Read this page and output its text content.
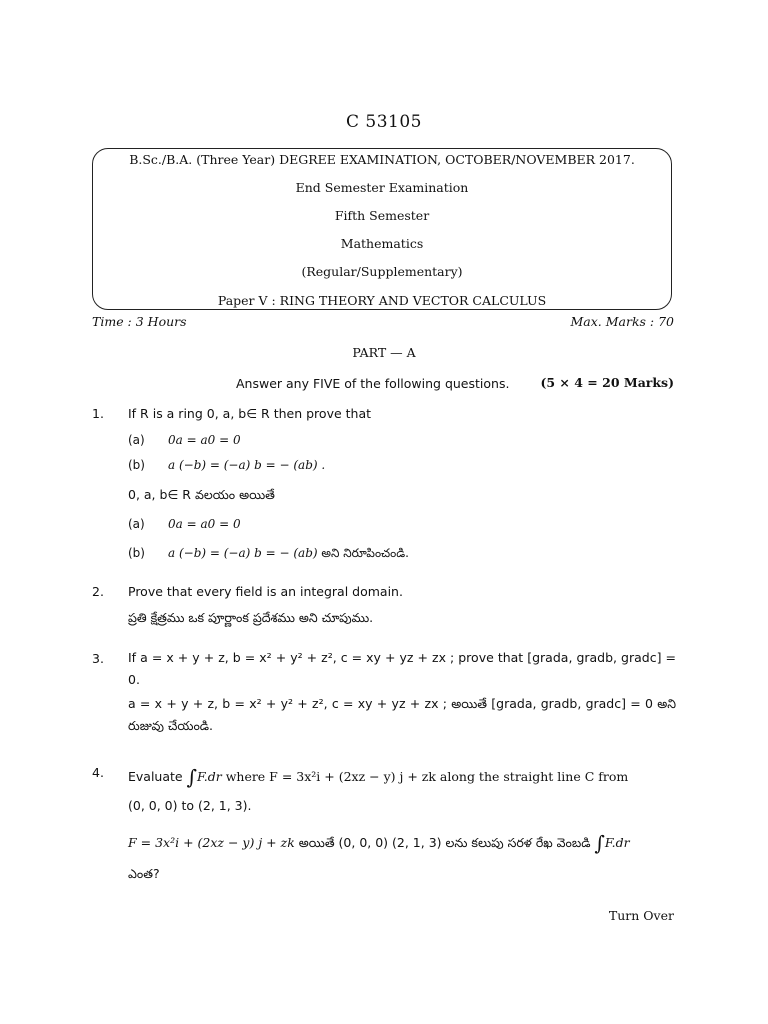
C 53105
B.Sc./B.A. (Three Year) DEGREE EXAMINATION, OCTOBER/NOVEMBER 2017.
End Semester Examination
Fifth Semester
Mathematics
(Regular/Supplementary)
Paper V : RING THEORY AND VECTOR CALCULUS
Time : 3 Hours	Max. Marks : 70
PART — A
Answer any FIVE of the following questions. (5 × 4 = 20 Marks)
1. If R is a ring 0, a, b∈ R then prove that
(a) 0a = a0 = 0
(b) a (−b) = (−a) b = − (ab) .
0, a, b∈ R వలయం అయితే
(a) 0a = a0 = 0
(b) a (−b) = (−a) b = − (ab) అని నిరూపించండి.
2. Prove that every field is an integral domain.
ప్రతి క్షేత్రము ఒక పూర్ణాంక ప్రదేశము అని చూపుము.
3. If a = x + y + z, b = x² + y² + z², c = xy + yz + zx ; prove that [grada, gradb, gradc] = 0.
a = x + y + z, b = x² + y² + z², c = xy + yz + zx ; అయితే [grada, gradb, gradc] = 0 అని రుజువు చేయండి.
4. Evaluate ∫F.dr where F = 3x²i + (2xz − y) j + zk along the straight line C from
(0, 0, 0) to (2, 1, 3).
F = 3x²i + (2xz − y) j + zk అయితే (0, 0, 0) (2, 1, 3) లను కలుపు సరళ రేఖ వెంబడి ∫F.dr
ఎంత?
Turn Over
